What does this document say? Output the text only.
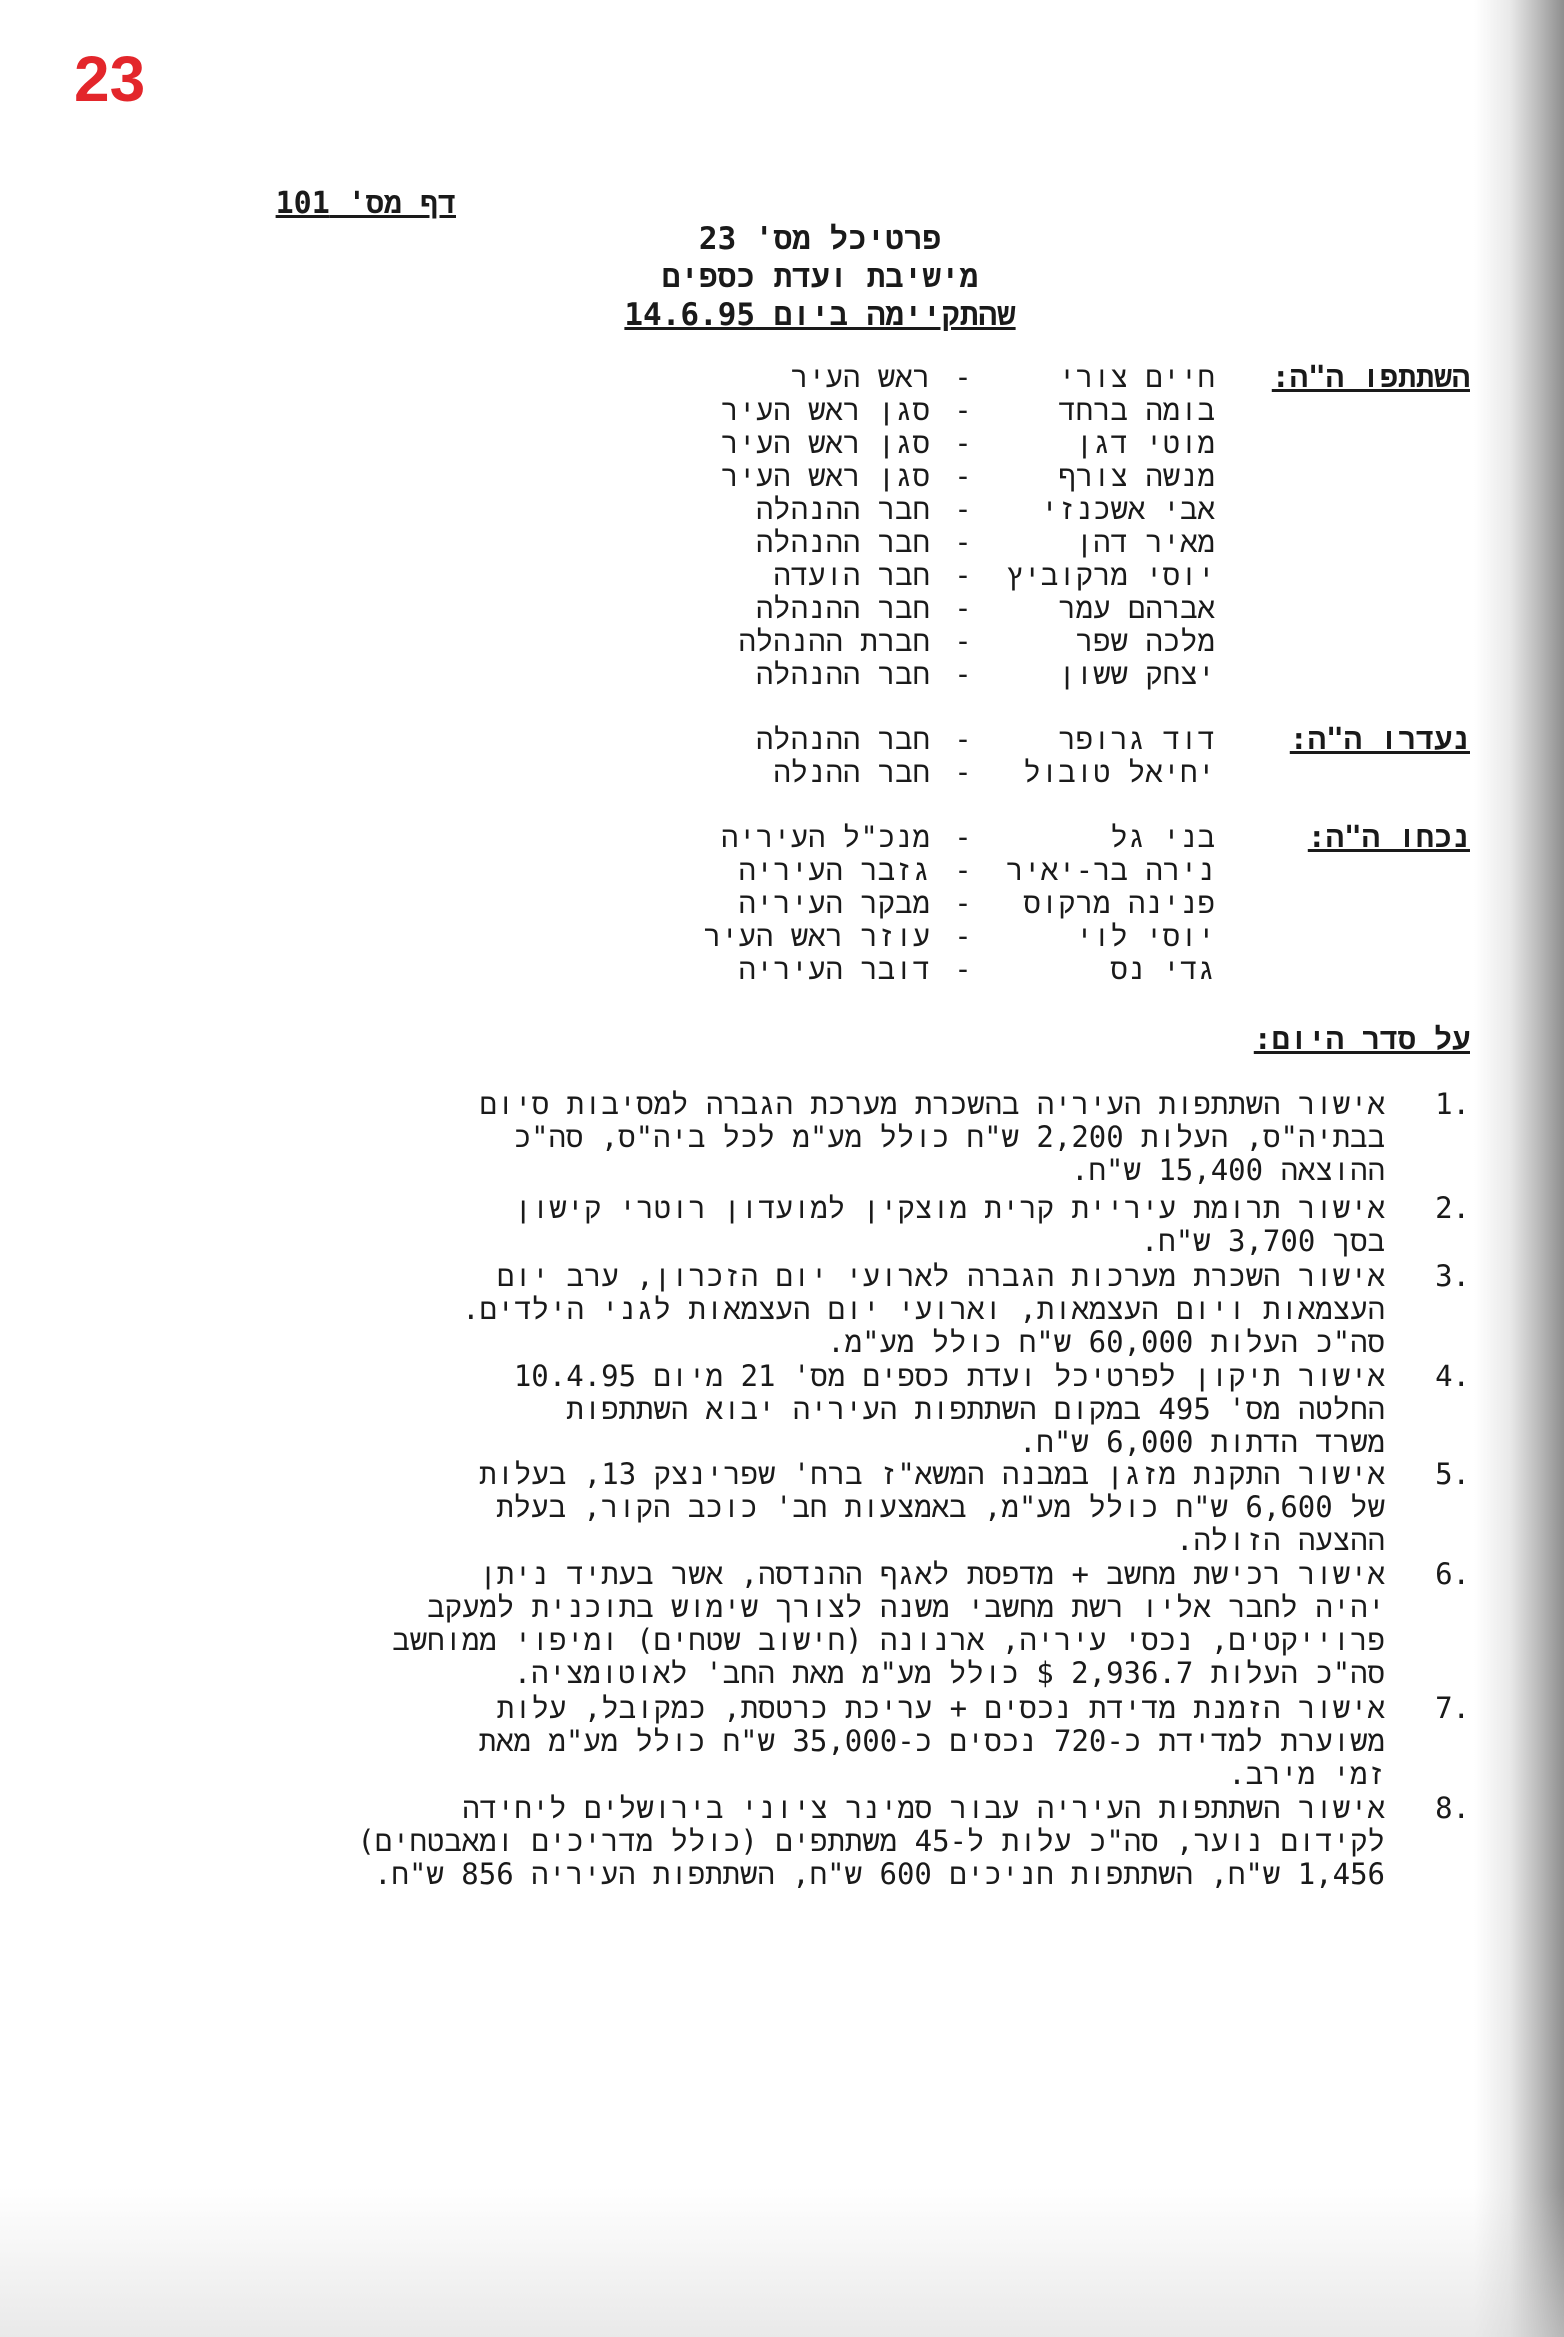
23
דף מס' 101
פרטיכל מס' 23
מישיבת ועדת כספים
שהתקיימה ביום 14.6.95
השתתפו ה"ה:
חיים צורי
-
ראש העיר
בומה ברחד
-
סגן ראש העיר
מוטי דגן
-
סגן ראש העיר
מנשה צורף
-
סגן ראש העיר
אבי אשכנזי
-
חבר ההנהלה
מאיר דהן
-
חבר ההנהלה
יוסי מרקוביץ
-
חבר הועדה
אברהם עמר
-
חבר ההנהלה
מלכה שפר
-
חברת ההנהלה
יצחק ששון
-
חבר ההנהלה
נעדרו ה"ה:
דוד גרופר
-
חבר ההנהלה
יחיאל טובול
-
חבר ההנלה
נכחו ה"ה:
בני גל
-
מנכ"ל העיריה
נירה בר-יאיר
-
גזבר העיריה
פנינה מרקוס
-
מבקר העיריה
יוסי לוי
-
עוזר ראש העיר
גדי נס
-
דובר העיריה
על סדר היום:
.1
אישור השתתפות העיריה בהשכרת מערכת הגברה למסיבות סיום
בבתיה"ס, העלות 2,200 ש"ח כולל מע"מ לכל ביה"ס, סה"כ
ההוצאה 15,400 ש"ח.
.2
אישור תרומת עיריית קרית מוצקין למועדון רוטרי קישון
בסך 3,700 ש"ח.
.3
אישור השכרת מערכות הגברה לארועי יום הזכרון, ערב יום
העצמאות ויום העצמאות, וארועי יום העצמאות לגני הילדים.
סה"כ העלות 60,000 ש"ח כולל מע"מ.
.4
אישור תיקון לפרטיכל ועדת כספים מס' 21 מיום 10.4.95
החלטה מס' 495 במקום השתתפות העיריה יבוא השתתפות
משרד הדתות 6,000 ש"ח.
.5
אישור התקנת מזגן במבנה המשא"ז ברח' שפרינצק 13, בעלות
של 6,600 ש"ח כולל מע"מ, באמצעות חב' כוכב הקור, בעלת
ההצעה הזולה.
.6
אישור רכישת מחשב + מדפסת לאגף ההנדסה, אשר בעתיד ניתן
יהיה לחבר אליו רשת מחשבי משנה לצורך שימוש בתוכנית למעקב
פרוייקטים, נכסי עיריה, ארנונה (חישוב שטחים) ומיפוי ממוחשב
סה"כ העלות 2,936.7 $ כולל מע"מ מאת החב' לאוטומציה.
.7
אישור הזמנת מדידת נכסים + עריכת כרטסת, כמקובל, עלות
משוערת למדידת כ-720 נכסים כ-35,000 ש"ח כולל מע"מ מאת
זמי מירב.
.8
אישור השתתפות העיריה עבור סמינר ציוני בירושלים ליחידה
לקידום נוער, סה"כ עלות ל-45 משתתפים (כולל מדריכים ומאבטחים)
1,456 ש"ח, השתתפות חניכים 600 ש"ח, השתתפות העיריה 856 ש"ח.
